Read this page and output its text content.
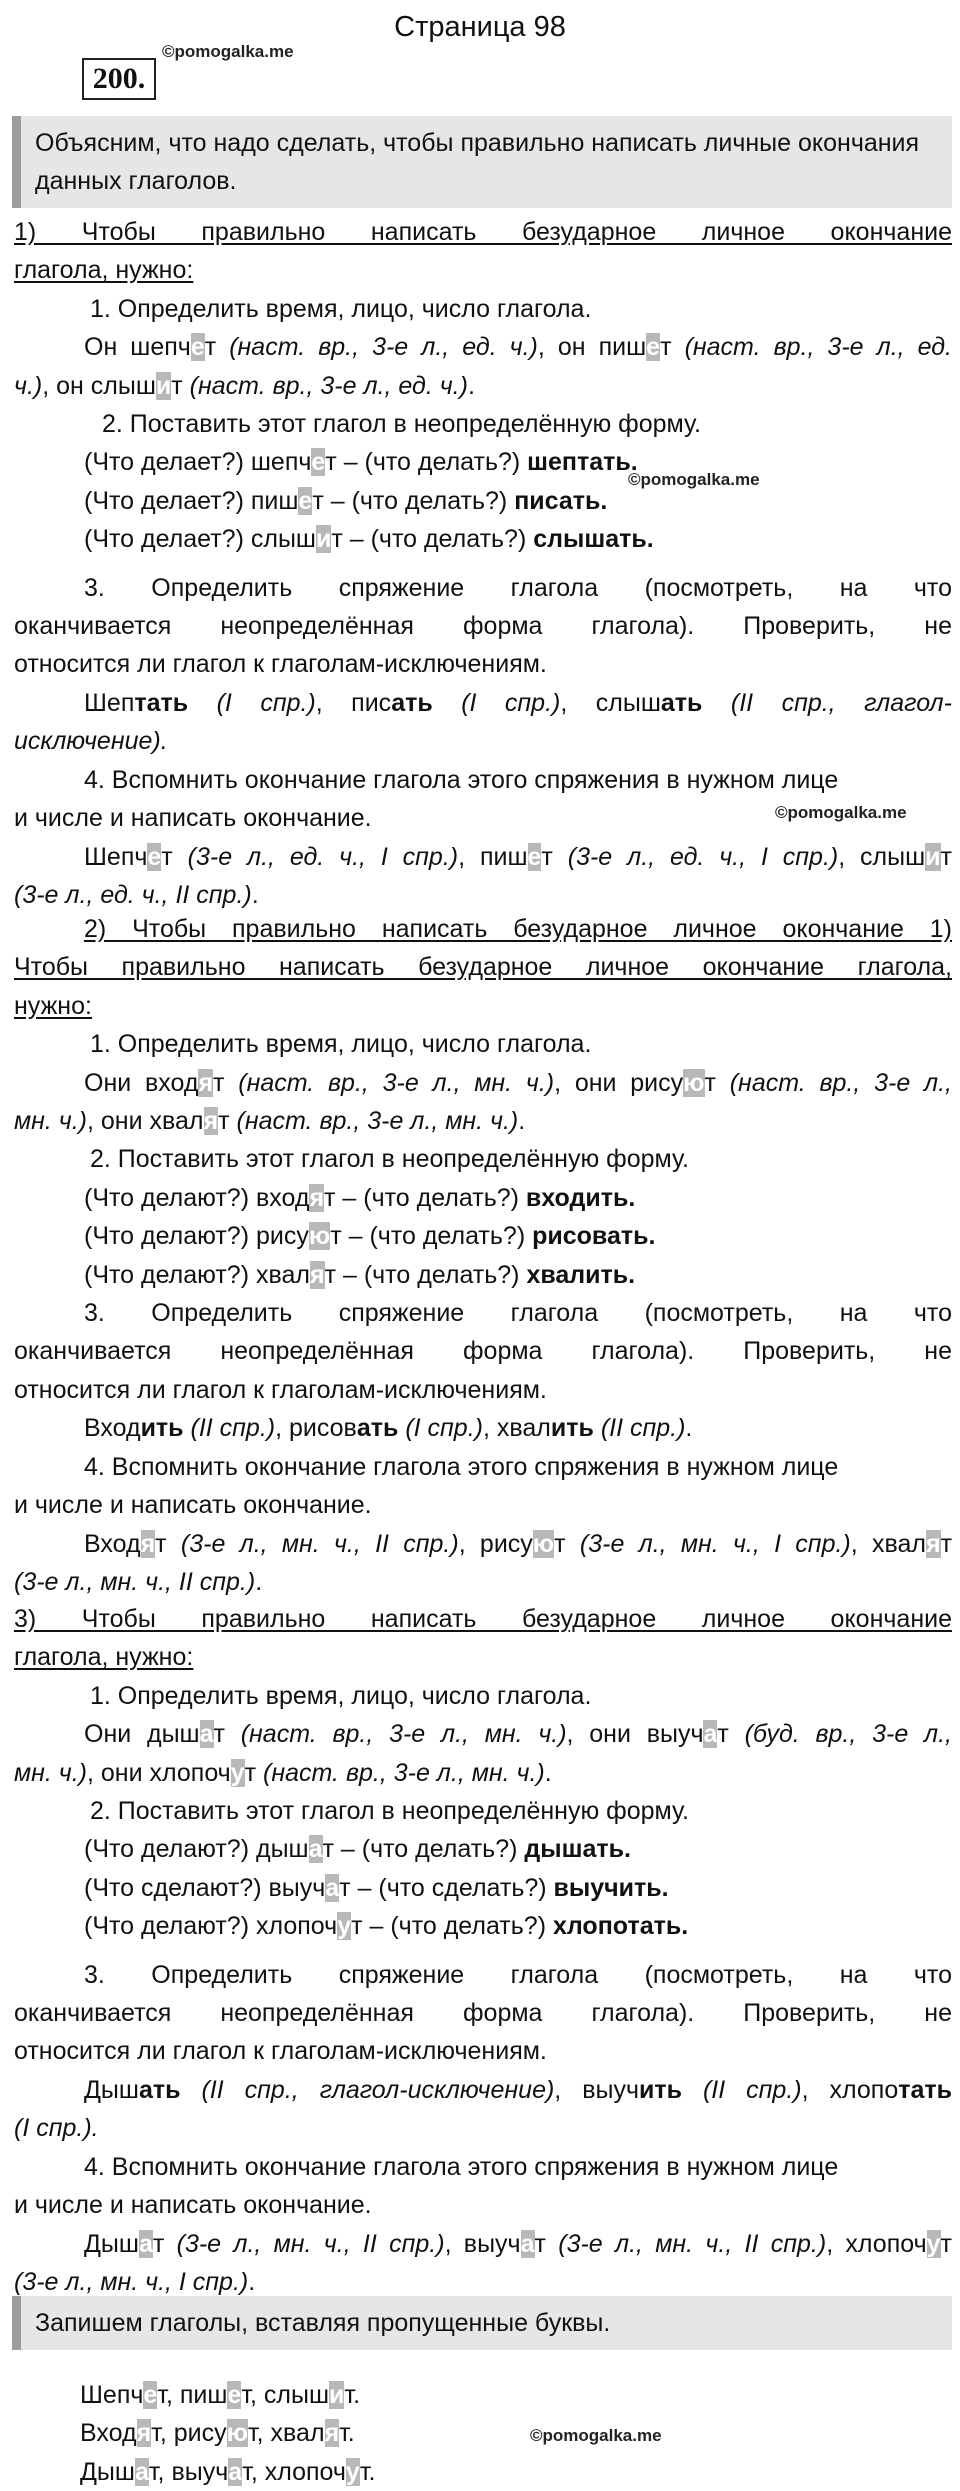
Страница 98
200.
©pomogalka.me
Объясним, что надо сделать, чтобы правильно написать личные окончания данных глаголов.
1) Чтобы правильно написать безударное личное окончание
глагола, нужно:
1. Определить время, лицо, число глагола.
Он шепчет (наст. вр., 3-е л., ед. ч.), он пишет (наст. вр., 3-е л., ед.
ч.), он слышит (наст. вр., 3-е л., ед. ч.).
2. Поставить этот глагол в неопределённую форму.
(Что делает?) шепчет – (что делать?) шептать.
(Что делает?) пишет – (что делать?) писать.
(Что делает?) слышит – (что делать?) слышать.
3. Определить спряжение глагола (посмотреть, на что
оканчивается неопределённая форма глагола). Проверить, не
относится ли глагол к глаголам-исключениям.
Шептать (I спр.), писать (I спр.), слышать (II спр., глагол-
исключение).
4. Вспомнить окончание глагола этого спряжения в нужном лице
и числе и написать окончание.
Шепчет (3-е л., ед. ч., I спр.), пишет (3-е л., ед. ч., I спр.), слышит
(3-е л., ед. ч., II спр.).
©pomogalka.me
©pomogalka.me
2) Чтобы правильно написать безударное личное окончание 1)
Чтобы правильно написать безударное личное окончание глагола,
нужно:
1. Определить время, лицо, число глагола.
Они входят (наст. вр., 3-е л., мн. ч.), они рисуют (наст. вр., 3-е л.,
мн. ч.), они хвалят (наст. вр., 3-е л., мн. ч.).
2. Поставить этот глагол в неопределённую форму.
(Что делают?) входят – (что делать?) входить.
(Что делают?) рисуют – (что делать?) рисовать.
(Что делают?) хвалят – (что делать?) хвалить.
3. Определить спряжение глагола (посмотреть, на что
оканчивается неопределённая форма глагола). Проверить, не
относится ли глагол к глаголам-исключениям.
Входить (II спр.), рисовать (I спр.), хвалить (II спр.).
4. Вспомнить окончание глагола этого спряжения в нужном лице
и числе и написать окончание.
Входят (3-е л., мн. ч., II спр.), рисуют (3-е л., мн. ч., I спр.), хвалят
(3-е л., мн. ч., II спр.).
3) Чтобы правильно написать безударное личное окончание
глагола, нужно:
1. Определить время, лицо, число глагола.
Они дышат (наст. вр., 3-е л., мн. ч.), они выучат (буд. вр., 3-е л.,
мн. ч.), они хлопочут (наст. вр., 3-е л., мн. ч.).
2. Поставить этот глагол в неопределённую форму.
(Что делают?) дышат – (что делать?) дышать.
(Что сделают?) выучат – (что сделать?) выучить.
(Что делают?) хлопочут – (что делать?) хлопотать.
3. Определить спряжение глагола (посмотреть, на что
оканчивается неопределённая форма глагола). Проверить, не
относится ли глагол к глаголам-исключениям.
Дышать (II спр., глагол-исключение), выучить (II спр.), хлопотать
(I спр.).
4. Вспомнить окончание глагола этого спряжения в нужном лице
и числе и написать окончание.
Дышат (3-е л., мн. ч., II спр.), выучат (3-е л., мн. ч., II спр.), хлопочут
(3-е л., мн. ч., I спр.).
Запишем глаголы, вставляя пропущенные буквы.
Шепчет, пишет, слышит.
Входят, рисуют, хвалят.
Дышат, выучат, хлопочут.
©pomogalka.me
